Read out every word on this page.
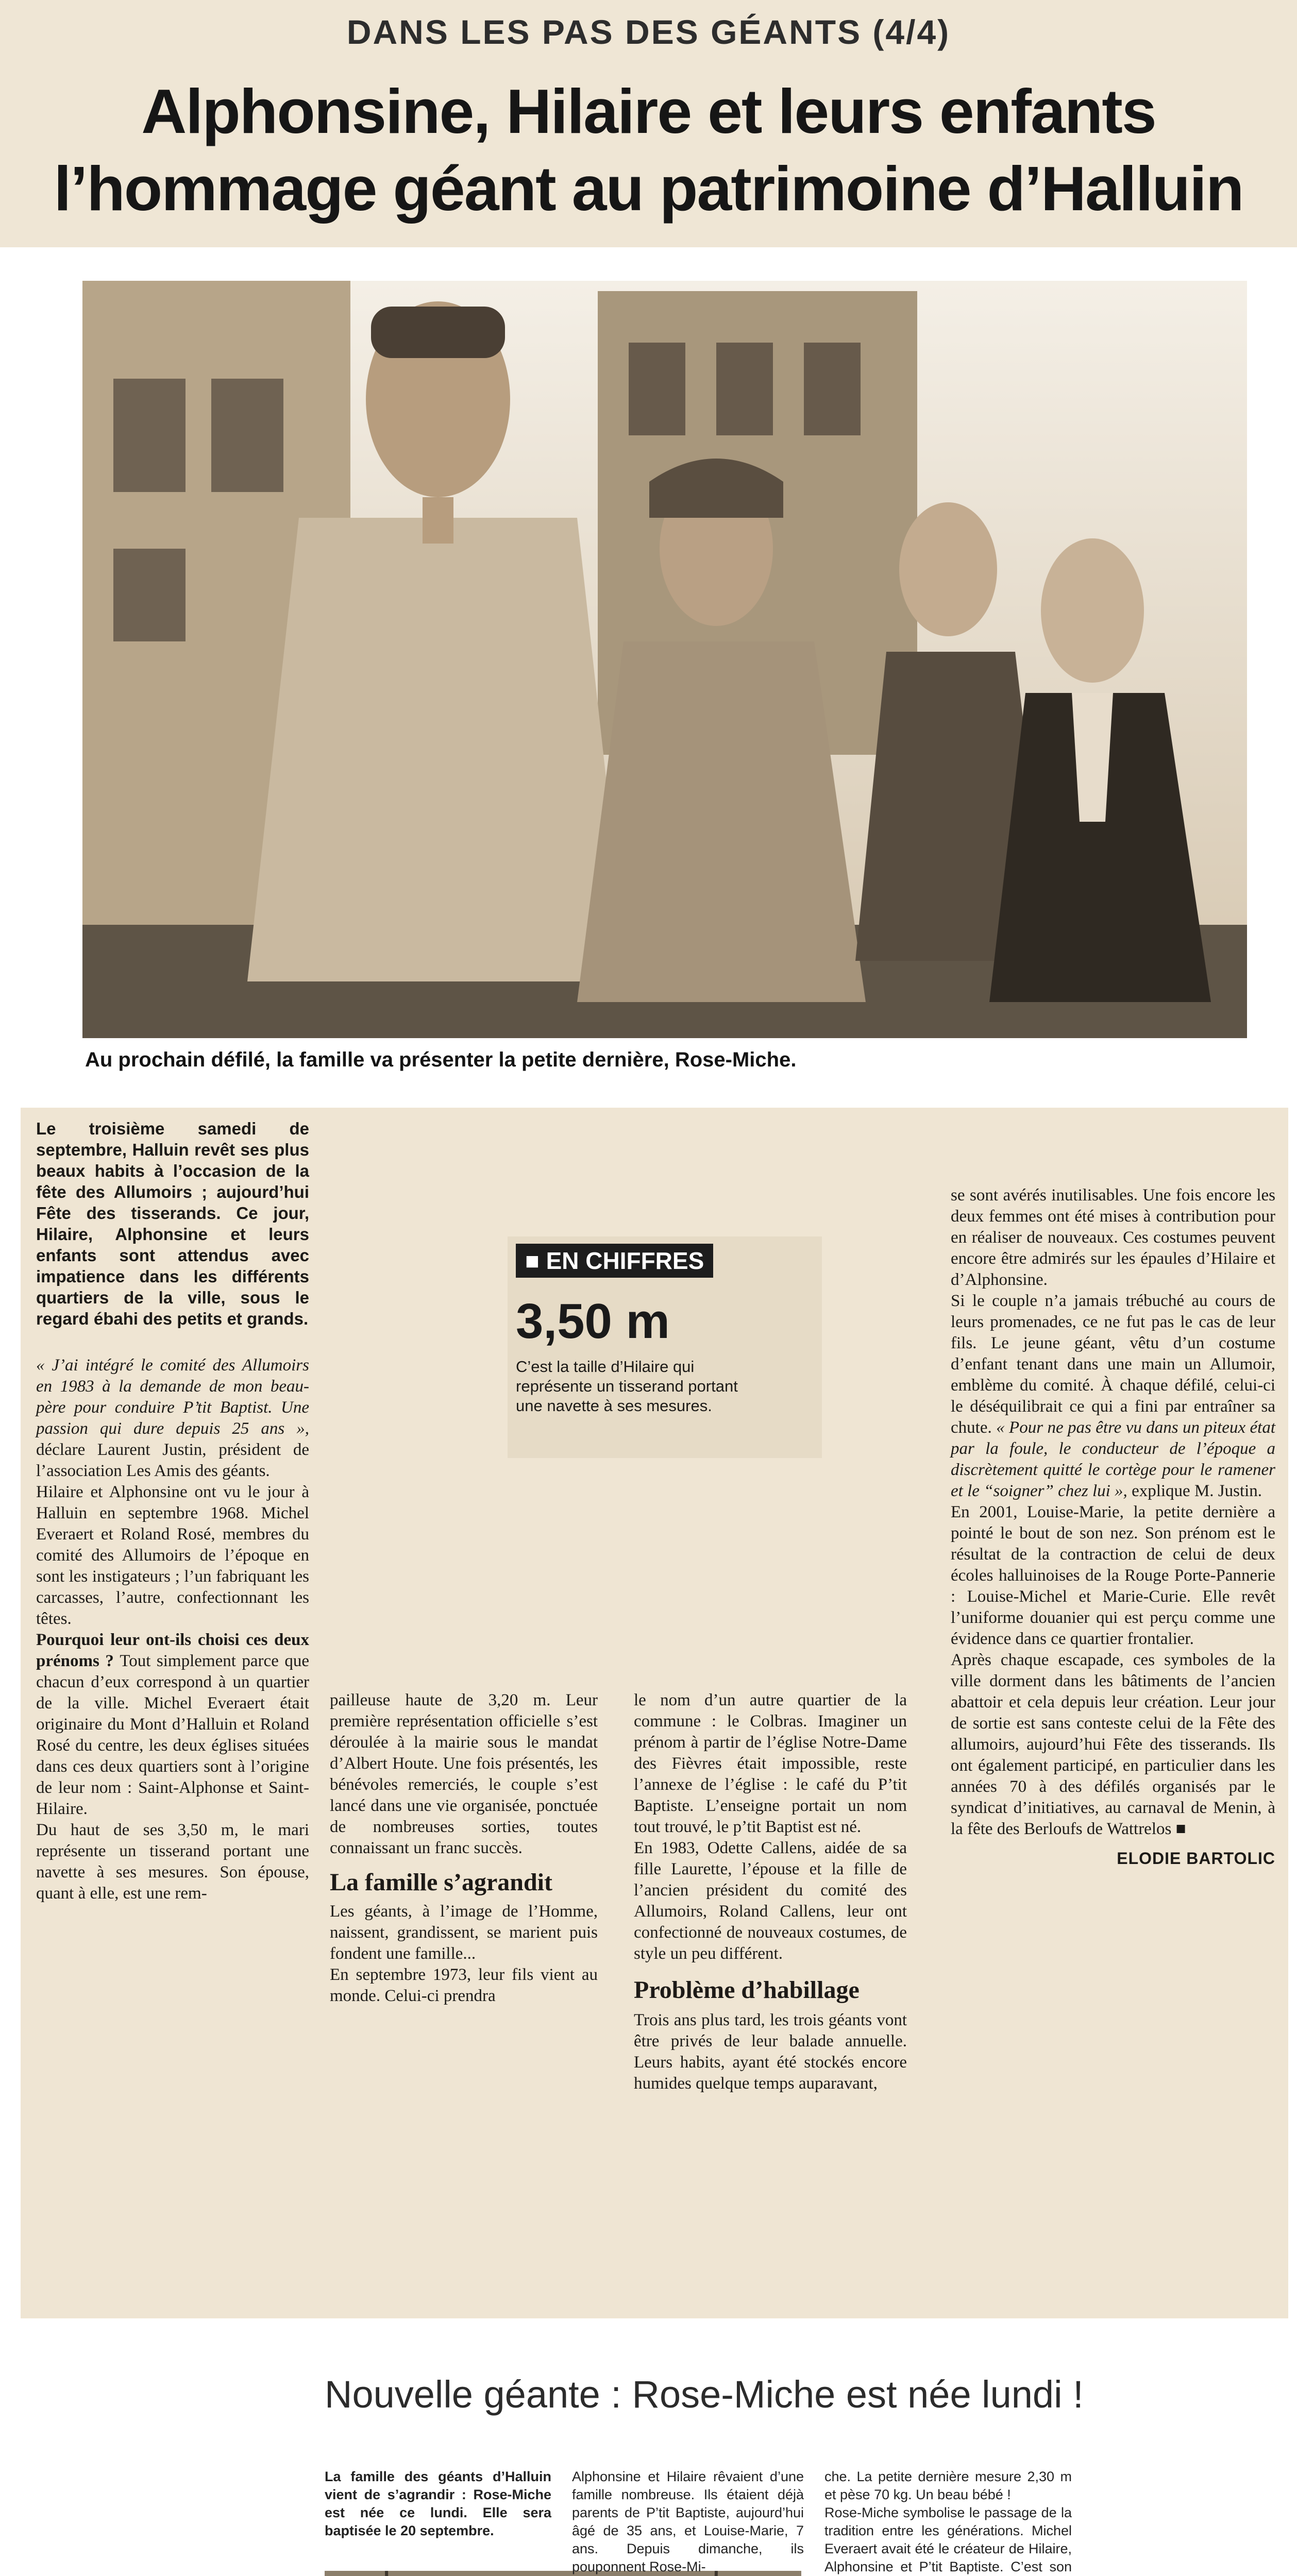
DANS LES PAS DES GÉANTS (4/4)
Alphonsine, Hilaire et leurs enfants
l’hommage géant au patrimoine d’Halluin
Au prochain défilé, la famille va présenter la petite dernière, Rose-Miche.
Le troisième samedi de septembre, Halluin revêt ses plus beaux habits à l’occasion de la fête des Allumoirs ; aujourd’hui Fête des tisserands. Ce jour, Hilaire, Alphonsine et leurs enfants sont attendus avec impatience dans les différents quartiers de la ville, sous le regard ébahi des petits et grands.

« J’ai intégré le comité des Allumoirs en 1983 à la demande de mon beau-père pour conduire P’tit Baptist. Une passion qui dure depuis 25 ans », déclare Laurent Justin, président de l’association Les Amis des géants.

Hilaire et Alphonsine ont vu le jour à Halluin en septembre 1968. Michel Everaert et Roland Rosé, membres du comité des Allumoirs de l’époque en sont les instigateurs ; l’un fabriquant les carcasses, l’autre, confectionnant les têtes.

Pourquoi leur ont-ils choisi ces deux prénoms ? Tout simplement parce que chacun d’eux correspond à un quartier de la ville. Michel Everaert était originaire du Mont d’Halluin et Roland Rosé du centre, les deux églises situées dans ces deux quartiers sont à l’origine de leur nom : Saint-Alphonse et Saint-Hilaire.

Du haut de ses 3,50 m, le mari représente un tisserand portant une navette à ses mesures. Son épouse, quant à elle, est une rem-

■ EN CHIFFRES
3,50 m
C’est la taille d’Hilaire qui représente un tisserand portant une navette à ses mesures.

pailleuse haute de 3,20 m. Leur première représentation officielle s’est déroulée à la mairie sous le mandat d’Albert Houte. Une fois présentés, les bénévoles remerciés, le couple s’est lancé dans une vie organisée, ponctuée de nombreuses sorties, toutes connaissant un franc succès.

La famille s’agrandit

Les géants, à l’image de l’Homme, naissent, grandissent, se marient puis fondent une famille...

En septembre 1973, leur fils vient au monde. Celui-ci prendra

le nom d’un autre quartier de la commune : le Colbras. Imaginer un prénom à partir de l’église Notre-Dame des Fièvres était impossible, reste l’annexe de l’église : le café du P’tit Baptiste. L’enseigne portait un nom tout trouvé, le p’tit Baptist est né.

En 1983, Odette Callens, aidée de sa fille Laurette, l’épouse et la fille de l’ancien président du comité des Allumoirs, Roland Callens, leur ont confectionné de nouveaux costumes, de style un peu différent.

Problème d’habillage

Trois ans plus tard, les trois géants vont être privés de leur balade annuelle. Leurs habits, ayant été stockés encore humides quelque temps auparavant,

se sont avérés inutilisables. Une fois encore les deux femmes ont été mises à contribution pour en réaliser de nouveaux. Ces costumes peuvent encore être admirés sur les épaules d’Hilaire et d’Alphonsine.

Si le couple n’a jamais trébuché au cours de leurs promenades, ce ne fut pas le cas de leur fils. Le jeune géant, vêtu d’un costume d’enfant tenant dans une main un Allumoir, emblème du comité. À chaque défilé, celui-ci le déséquilibrait ce qui a fini par entraîner sa chute. « Pour ne pas être vu dans un piteux état par la foule, le conducteur de l’époque a discrètement quitté le cortège pour le ramener et le “soigner” chez lui », explique M. Justin.

En 2001, Louise-Marie, la petite dernière a pointé le bout de son nez. Son prénom est le résultat de la contraction de celui de deux écoles halluinoises de la Rouge Porte-Pannerie : Louise-Michel et Marie-Curie. Elle revêt l’uniforme douanier qui est perçu comme une évidence dans ce quartier frontalier.

Après chaque escapade, ces symboles de la ville dorment dans les bâtiments de l’ancien abattoir et cela depuis leur création. Leur jour de sortie est sans conteste celui de la Fête des allumoirs, aujourd’hui Fête des tisserands. Ils ont également participé, en particulier dans les années 70 à des défilés organisés par le syndicat d’initiatives, au carnaval de Menin, à la fête des Berloufs de Wattrelos ■

ELODIE BARTOLIC
Nouvelle géante : Rose-Miche est née lundi !
La famille des géants d’Halluin vient de s’agrandir : Rose-Miche est née ce lundi. Elle sera baptisée le 20 septembre.
Alphonsine et Hilaire rêvaient d’une famille nombreuse. Ils étaient déjà parents de P’tit Baptiste, aujourd’hui âgé de 35 ans, et Louise-Marie, 7 ans. Depuis dimanche, ils pouponnent Rose-Mi-

che. La petite dernière mesure 2,30 m et pèse 70 kg. Un beau bébé !

Rose-Miche symbolise le passage de la tradition entre les générations. Michel Everaert avait été le créateur de Hilaire, Alphonsine et P’tit Baptiste. C’est son
